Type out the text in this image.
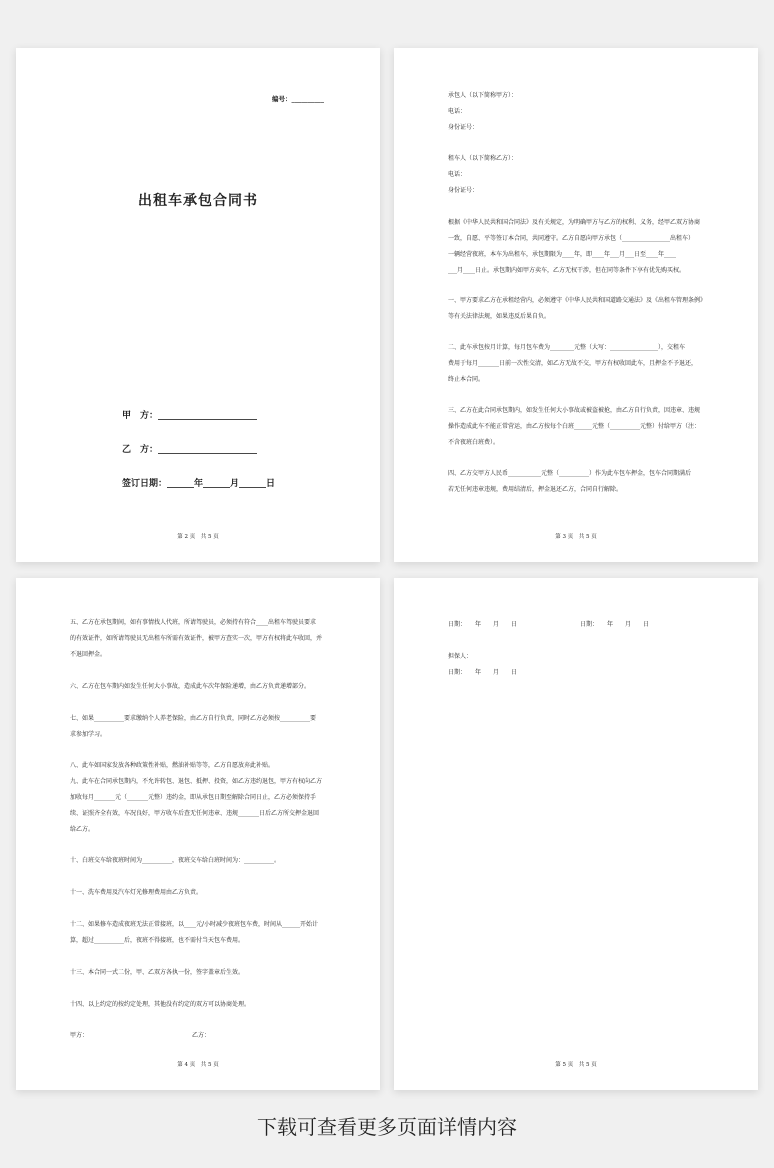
编号：__________
出租车承包合同书
甲　方：______________________
乙　方：______________________
签订日期：______年______月______日
第 2 页　共 5 页
承包人（以下简称甲方）：
电话：
身份证号：
租车人（以下简称乙方）：
电话：
身份证号：
根据《中华人民共和国合同法》及有关规定，为明确甲方与乙方的权利、义务，经甲乙双方协商
一致，自愿、平等签订本合同，共同遵守。乙方自愿向甲方承包（________________出租车）
一辆经营夜班，本车为出租车，承包期限为____年，即____年___月___日至____年____
___月____日止。承包期内如甲方卖车，乙方无权干涉，但在同等条件下享有优先购买权。
一、甲方要求乙方在承租经营内，必须遵守《中华人民共和国道路交通法》及《出租车管理条例》
等有关法律法规，如果违反后果自负。
二、此车承包按月计算，每月包车费为________元整（大写：________________），交租车
费用于每月_______日前一次性交清，如乙方无故不交，甲方有权收回此车，且押金不予退还，
终止本合同。
三、乙方在此合同承包期内，如发生任何大小事故或被盗被抢，由乙方自行负责，因违章、违规
操作造成此车不能正常营运，由乙方按每个白班______元整（__________元整）付给甲方（注：
不含夜班白班费）。
四、乙方交甲方人民币___________元整（__________）作为此车包车押金，包车合同期满后
若无任何违章违规，费用结清后，押金退还乙方，合同自行解除。
第 3 页　共 5 页
五、乙方在承包期间，如有事情找人代班，所请驾驶员，必须持有符合____出租车驾驶员要求
的有效证件，如所请驾驶员无出租车所需有效证件，被甲方查实一次，甲方有权将此车收回，并
不退回押金。
六、乙方在包车期内如发生任何大小事故，造成此车次年保险递增，由乙方负责递增部分。
七、如果__________要求缴纳个人养老保险，由乙方自行负责，同时乙方必须按__________要
求参加学习。
八、此车如国家发放各种政策性补贴，燃油补贴等等，乙方自愿放弃此补贴。
九、此车在合同承包期内，不允许转包、退包、抵押、投资，如乙方违约退包，甲方有权向乙方
加收每月_______元（_______元整）违约金，即从承包日期至解除合同日止，乙方必须保持手
续、证照齐全有效，车况良好，甲方收车后查无任何违章、违规_______日后乙方所交押金退回
给乙方。
十、白班交车给夜班时间为__________，夜班交车给白班时间为：__________。
十一、洗车费用及汽车灯光修理费用由乙方负责。
十二、如果修车造成夜班无法正常接班，以____元/小时减少夜班包车费，时间从______开始计
算，超过__________后，夜班不得接班，也不需付当天包车费用。
十三、本合同一式二份，甲、乙双方各执一份，签字盖章后生效。
十四、以上约定的按约定处理，其他没有约定的双方可以协商处理。
甲方：	乙方：
第 4 页　共 5 页
日期：　　年　　月　　日	日期：　　年　　月　　日
担保人：
日期：　　年　　月　　日
第 5 页　共 5 页
下载可查看更多页面详情内容
